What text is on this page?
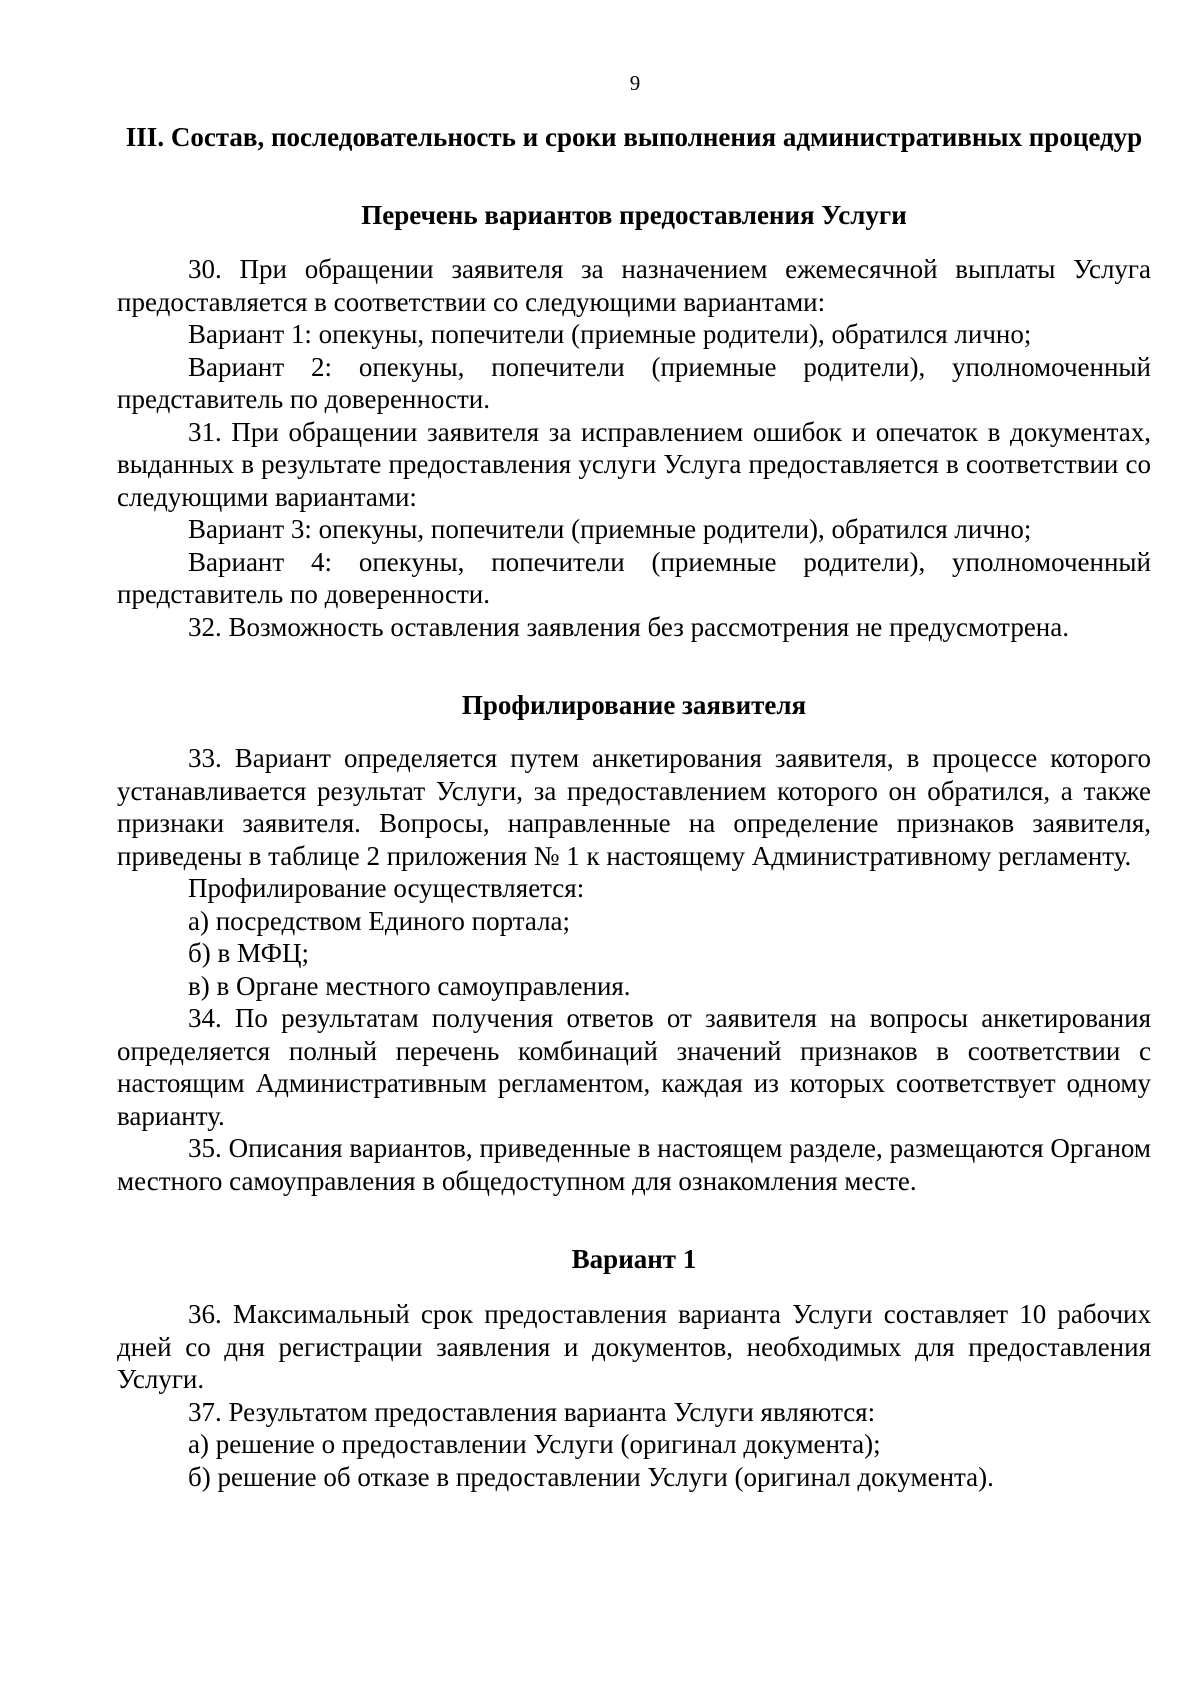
9
III. Состав, последовательность и сроки выполнения административных процедур
Перечень вариантов предоставления Услуги

30. При обращении заявителя за назначением ежемесячной выплаты Услуга предоставляется в соответствии со следующими вариантами:

Вариант 1: опекуны, попечители (приемные родители), обратился лично;

Вариант 2: опекуны, попечители (приемные родители), уполномоченный представитель по доверенности.

31. При обращении заявителя за исправлением ошибок и опечаток в документах, выданных в результате предоставления услуги Услуга предоставляется в соответствии со следующими вариантами:

Вариант 3: опекуны, попечители (приемные родители), обратился лично;

Вариант 4: опекуны, попечители (приемные родители), уполномоченный представитель по доверенности.

32. Возможность оставления заявления без рассмотрения не предусмотрена.

Профилирование заявителя

33. Вариант определяется путем анкетирования заявителя, в процессе которого устанавливается результат Услуги, за предоставлением которого он обратился, а также признаки заявителя. Вопросы, направленные на определение признаков заявителя, приведены в таблице 2 приложения № 1 к настоящему Административному регламенту.

Профилирование осуществляется:

а) посредством Единого портала;

б) в МФЦ;

в) в Органе местного самоуправления.

34. По результатам получения ответов от заявителя на вопросы анкетирования определяется полный перечень комбинаций значений признаков в соответствии с настоящим Административным регламентом, каждая из которых соответствует одному варианту.

35. Описания вариантов, приведенные в настоящем разделе, размещаются Органом местного самоуправления в общедоступном для ознакомления месте.

Вариант 1

36. Максимальный срок предоставления варианта Услуги составляет 10 рабочих дней со дня регистрации заявления и документов, необходимых для предоставления Услуги.

37. Результатом предоставления варианта Услуги являются:

а) решение о предоставлении Услуги (оригинал документа);

б) решение об отказе в предоставлении Услуги (оригинал документа).
